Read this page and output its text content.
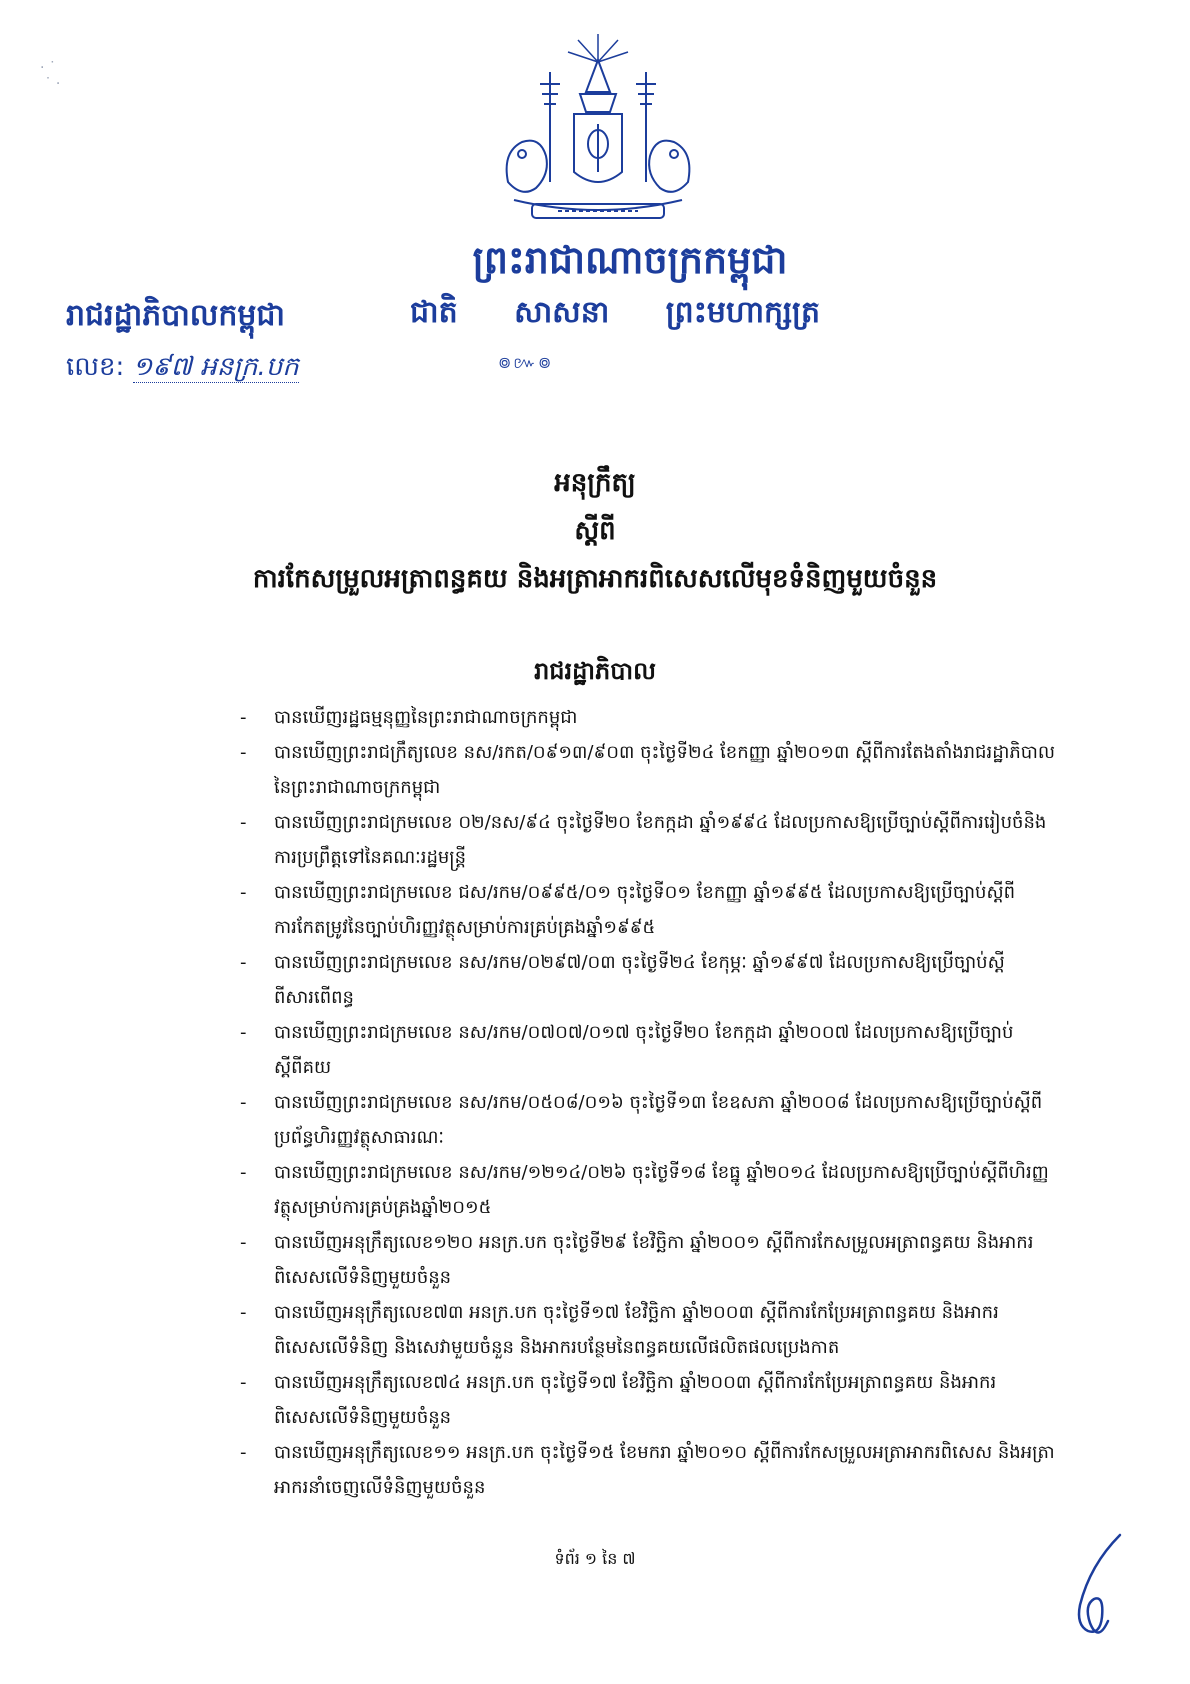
· ˙
˙ ·
ព្រះរាជាណាចក្រកម្ពុជា
ជាតិ សាសនា ព្រះមហាក្សត្រ
៙៚៙
រាជរដ្ឋាភិបាលកម្ពុជា
លេខ: ១៩៧ អនក្រ.បក
អនុក្រឹត្យ
ស្តីពី
ការកែសម្រួលអត្រាពន្ធគយ និងអត្រាអាករពិសេសលើមុខទំនិញមួយចំនួន
រាជរដ្ឋាភិបាល
- បានឃើញរដ្ឋធម្មនុញ្ញនៃព្រះរាជាណាចក្រកម្ពុជា
- បានឃើញព្រះរាជក្រឹត្យលេខ នស/រកត/០៩១៣/៩០៣ ចុះថ្ងៃទី២៤ ខែកញ្ញា ឆ្នាំ២០១៣ ស្តីពីការតែងតាំងរាជរដ្ឋាភិបាលនៃព្រះរាជាណាចក្រកម្ពុជា
- បានឃើញព្រះរាជក្រមលេខ ០២/នស/៩៤ ចុះថ្ងៃទី២០ ខែកក្កដា ឆ្នាំ១៩៩៤ ដែលប្រកាសឱ្យប្រើច្បាប់ស្តីពីការរៀបចំនិងការប្រព្រឹត្តទៅនៃគណៈរដ្ឋមន្ត្រី
- បានឃើញព្រះរាជក្រមលេខ ជស/រកម/០៩៩៥/០១ ចុះថ្ងៃទី០១ ខែកញ្ញា ឆ្នាំ១៩៩៥ ដែលប្រកាសឱ្យប្រើច្បាប់ស្តីពីការកែតម្រូវនៃច្បាប់ហិរញ្ញវត្ថុសម្រាប់ការគ្រប់គ្រងឆ្នាំ១៩៩៥
- បានឃើញព្រះរាជក្រមលេខ នស/រកម/០២៩៧/០៣ ចុះថ្ងៃទី២៤ ខែកុម្ភៈ ឆ្នាំ១៩៩៧ ដែលប្រកាសឱ្យប្រើច្បាប់ស្តីពីសារពើពន្ធ
- បានឃើញព្រះរាជក្រមលេខ នស/រកម/០៧០៧/០១៧ ចុះថ្ងៃទី២០ ខែកក្កដា ឆ្នាំ២០០៧ ដែលប្រកាសឱ្យប្រើច្បាប់ស្តីពីគយ
- បានឃើញព្រះរាជក្រមលេខ នស/រកម/០៥០៨/០១៦ ចុះថ្ងៃទី១៣ ខែឧសភា ឆ្នាំ២០០៨ ដែលប្រកាសឱ្យប្រើច្បាប់ស្តីពីប្រព័ន្ធហិរញ្ញវត្ថុសាធារណៈ
- បានឃើញព្រះរាជក្រមលេខ នស/រកម/១២១៤/០២៦ ចុះថ្ងៃទី១៨ ខែធ្នូ ឆ្នាំ២០១៤ ដែលប្រកាសឱ្យប្រើច្បាប់ស្តីពីហិរញ្ញវត្ថុសម្រាប់ការគ្រប់គ្រងឆ្នាំ២០១៥
- បានឃើញអនុក្រឹត្យលេខ១២០ អនក្រ.បក ចុះថ្ងៃទី២៩ ខែវិច្ឆិកា ឆ្នាំ២០០១ ស្តីពីការកែសម្រួលអត្រាពន្ធគយ និងអាករពិសេសលើទំនិញមួយចំនួន
- បានឃើញអនុក្រឹត្យលេខ៧៣ អនក្រ.បក ចុះថ្ងៃទី១៧ ខែវិច្ឆិកា ឆ្នាំ២០០៣ ស្តីពីការកែប្រែអត្រាពន្ធគយ និងអាករពិសេសលើទំនិញ និងសេវាមួយចំនួន និងអាករបន្ថែមនៃពន្ធគយលើផលិតផលប្រេងកាត
- បានឃើញអនុក្រឹត្យលេខ៧៤ អនក្រ.បក ចុះថ្ងៃទី១៧ ខែវិច្ឆិកា ឆ្នាំ២០០៣ ស្តីពីការកែប្រែអត្រាពន្ធគយ និងអាករពិសេសលើទំនិញមួយចំនួន
- បានឃើញអនុក្រឹត្យលេខ១១ អនក្រ.បក ចុះថ្ងៃទី១៥ ខែមករា ឆ្នាំ២០១០ ស្តីពីការកែសម្រួលអត្រាអាករពិសេស និងអត្រាអាករនាំចេញលើទំនិញមួយចំនួន
ទំព័រ ១ នៃ ៧
